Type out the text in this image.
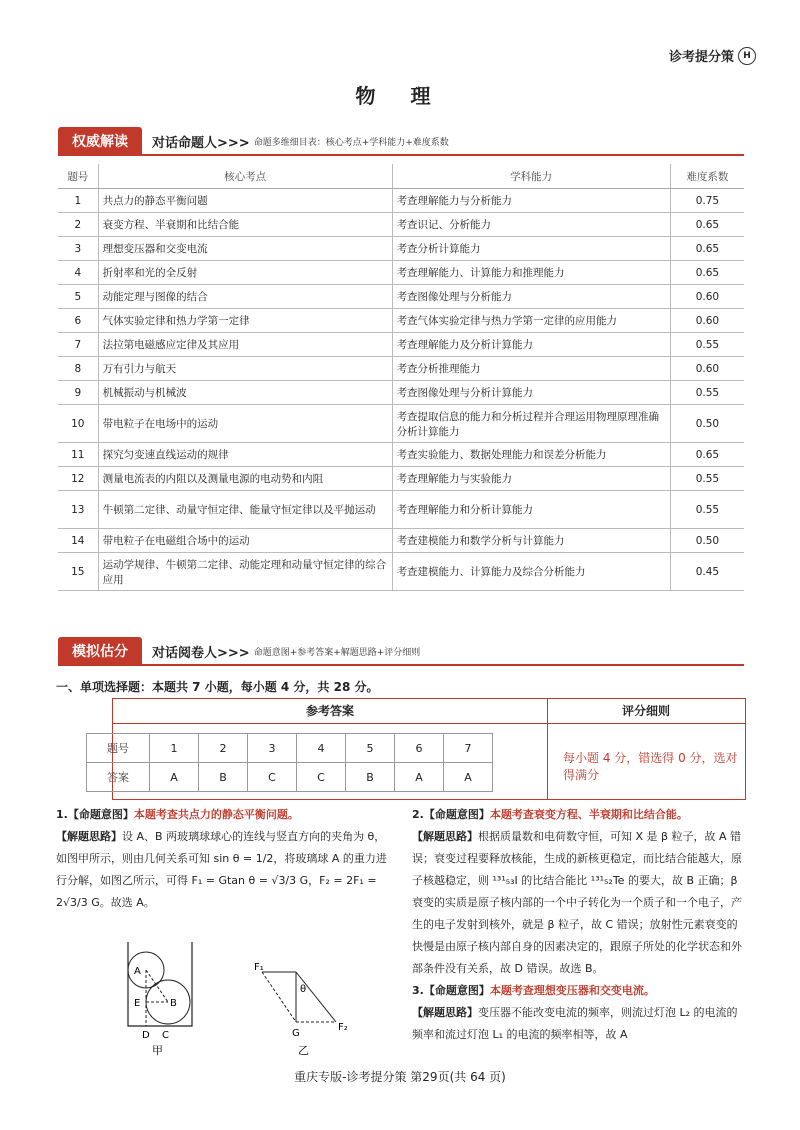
诊考提分策	H
物 理
权威解读	对话命题人>>> 命题多维细目表：核心考点+学科能力+难度系数
题号	核心考点	学科能力	难度系数
1	共点力的静态平衡问题	考查理解能力与分析能力	0.75
2	衰变方程、半衰期和比结合能	考查识记、分析能力	0.65
3	理想变压器和交变电流	考查分析计算能力	0.65
4	折射率和光的全反射	考查理解能力、计算能力和推理能力	0.65
5	动能定理与图像的结合	考查图像处理与分析能力	0.60
6	气体实验定律和热力学第一定律	考查气体实验定律与热力学第一定律的应用能力	0.60
7	法拉第电磁感应定律及其应用	考查理解能力及分析计算能力	0.55
8	万有引力与航天	考查分析推理能力	0.60
9	机械振动与机械波	考查图像处理与分析计算能力	0.55
10	带电粒子在电场中的运动	考查提取信息的能力和分析过程并合理运用物理原理准确分析计算能力	0.50
11	探究匀变速直线运动的规律	考查实验能力、数据处理能力和误差分析能力	0.65
12	测量电流表的内阻以及测量电源的电动势和内阻	考查理解能力与实验能力	0.55
13	牛顿第二定律、动量守恒定律、能量守恒定律以及平抛运动	考查理解能力和分析计算能力	0.55
14	带电粒子在电磁组合场中的运动	考查建模能力和数学分析与计算能力	0.50
15	运动学规律、牛顿第二定律、动能定理和动量守恒定律的综合应用	考查建模能力、计算能力及综合分析能力	0.45
模拟估分	对话阅卷人>>> 命题意图+参考答案+解题思路+评分细则
一、单项选择题：本题共 7 小题，每小题 4 分，共 28 分。
参考答案	评分细则
每小题 4 分，错选得 0 分，选对得满分
题号	1	2	3	4	5	6	7
答案	A	B	C	C	B	A	A
1.【命题意图】本题考查共点力的静态平衡问题。
【解题思路】设 A、B 两玻璃球球心的连线与竖直方向的夹角为 θ，如图甲所示，则由几何关系可知 sin θ = 1/2，将玻璃球 A 的重力进行分解，如图乙所示，可得 F₁ = Gtan θ = √3/3 G，F₂ = 2F₁ = 2√3/3 G。故选 A。
A
B
E
D C
甲
F₁
F₂
G
θ
乙
2.【命题意图】本题考查衰变方程、半衰期和比结合能。
【解题思路】根据质量数和电荷数守恒，可知 X 是 β 粒子，故 A 错误；衰变过程要释放核能，生成的新核更稳定，而比结合能越大，原子核越稳定，则 ¹³¹₅₃I 的比结合能比 ¹³¹₅₂Te 的要大，故 B 正确；β 衰变的实质是原子核内部的一个中子转化为一个质子和一个电子，产生的电子发射到核外，就是 β 粒子，故 C 错误；放射性元素衰变的快慢是由原子核内部自身的因素决定的，跟原子所处的化学状态和外部条件没有关系，故 D 错误。故选 B。
3.【命题意图】本题考查理想变压器和交变电流。
【解题思路】变压器不能改变电流的频率，则流过灯泡 L₂ 的电流的频率和流过灯泡 L₁ 的电流的频率相等，故 A
重庆专版-诊考提分策 第29页(共 64 页)
